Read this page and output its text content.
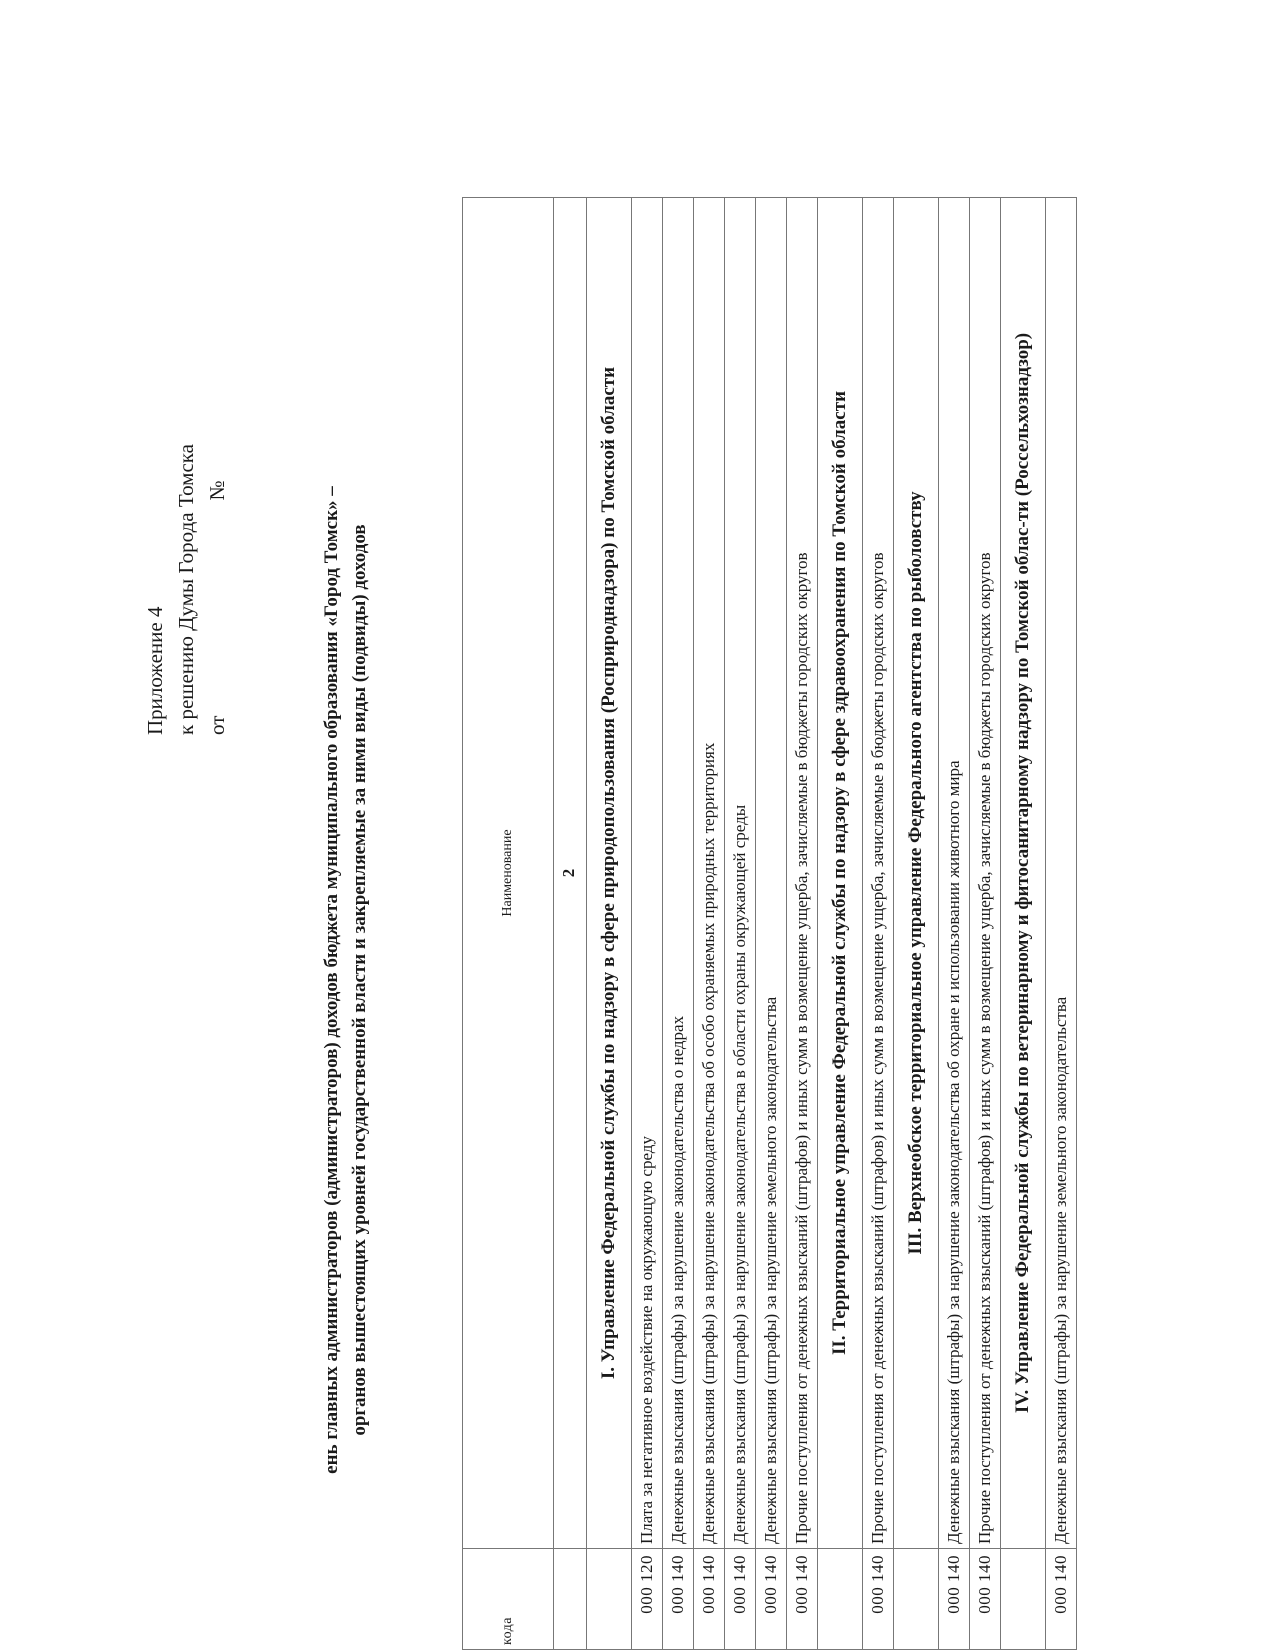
Приложение 4 к решению Думы Города Томска от №	ень главных администраторов (администраторов) доходов бюджета муниципального образования «Город Томск» – органов вышестоящих уровней государственной власти и закрепляемые за ними виды (подвиды) доходов
кода	Наименование
	2
	I. Управление Федеральной службы по надзору в сфере природопользования (Росприроднадзора) по Томской области
000 120	Плата за негативное воздействие на окружающую среду
000 140	Денежные взыскания (штрафы) за нарушение законодательства о недрах
000 140	Денежные взыскания (штрафы) за нарушение законодательства об особо охраняемых природных территориях
000 140	Денежные взыскания (штрафы) за нарушение законодательства в области охраны окружающей среды
000 140	Денежные взыскания (штрафы) за нарушение земельного законодательства
000 140	Прочие поступления от денежных взысканий (штрафов) и иных сумм в возмещение ущерба, зачисляемые в бюджеты городских округов
	II. Территориальное управление Федеральной службы по надзору в сфере здравоохранения по Томской области
000 140	Прочие поступления от денежных взысканий (штрафов) и иных сумм в возмещение ущерба, зачисляемые в бюджеты городских округов
	III. Верхнеобское территориальное управление Федерального агентства по рыболовству
000 140	Денежные взыскания (штрафы) за нарушение законодательства об охране и использовании животного мира
000 140	Прочие поступления от денежных взысканий (штрафов) и иных сумм в возмещение ущерба, зачисляемые в бюджеты городских округов
	IV. Управление Федеральной службы по ветеринарному и фитосанитарному надзору по Томской облас-ти (Россельхознадзор)
000 140	Денежные взыскания (штрафы) за нарушение земельного законодательства
